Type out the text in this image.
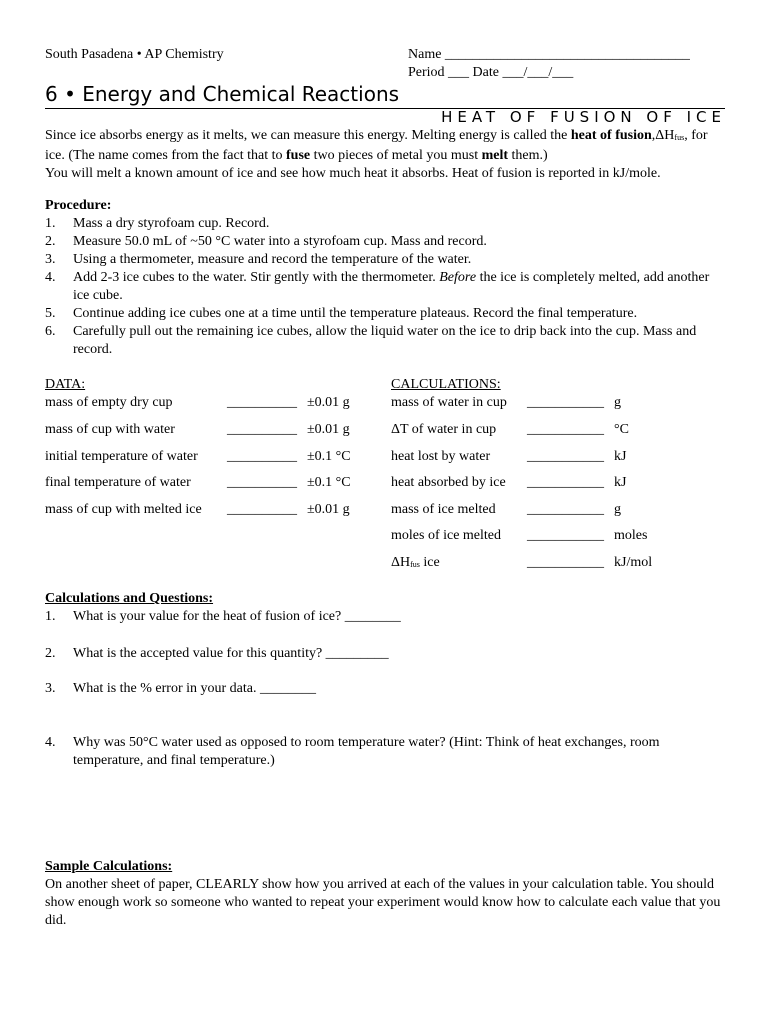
South Pasadena • AP Chemistry	Name ___________________________________
Period ___ Date ___/___/___
6 • Energy and Chemical Reactions
HEAT OF FUSION OF ICE
Since ice absorbs energy as it melts, we can measure this energy. Melting energy is called the heat of fusion,ΔHfus, for ice. (The name comes from the fact that to fuse two pieces of metal you must melt them.)
You will melt a known amount of ice and see how much heat it absorbs. Heat of fusion is reported in kJ/mole.
Procedure:
1. Mass a dry styrofoam cup. Record.
2. Measure 50.0 mL of ~50 °C water into a styrofoam cup. Mass and record.
3. Using a thermometer, measure and record the temperature of the water.
4. Add 2-3 ice cubes to the water. Stir gently with the thermometer. Before the ice is completely melted, add another ice cube.
5. Continue adding ice cubes one at a time until the temperature plateaus. Record the final temperature.
6. Carefully pull out the remaining ice cubes, allow the liquid water on the ice to drip back into the cup. Mass and record.
DATA:
mass of empty dry cup	__________ ±0.01 g
mass of cup with water	__________ ±0.01 g
initial temperature of water __________ ±0.1 °C
final temperature of water	__________ ±0.1 °C
mass of cup with melted ice __________ ±0.01 g
CALCULATIONS:
mass of water in cup ___________ g
ΔT of water in cup ___________ °C
heat lost by water	___________ kJ
heat absorbed by ice ___________ kJ
mass of ice melted ___________ g
moles of ice melted ___________ moles
ΔHfus ice	___________ kJ/mol
Calculations and Questions:
1.	What is your value for the heat of fusion of ice? ________
2.	What is the accepted value for this quantity? _________
3.	What is the % error in your data. ________
4.	Why was 50°C water used as opposed to room temperature water? (Hint: Think of heat exchanges, room temperature, and final temperature.)
Sample Calculations:
On another sheet of paper, CLEARLY show how you arrived at each of the values in your calculation table. You should show enough work so someone who wanted to repeat your experiment would know how to calculate each value that you did.
